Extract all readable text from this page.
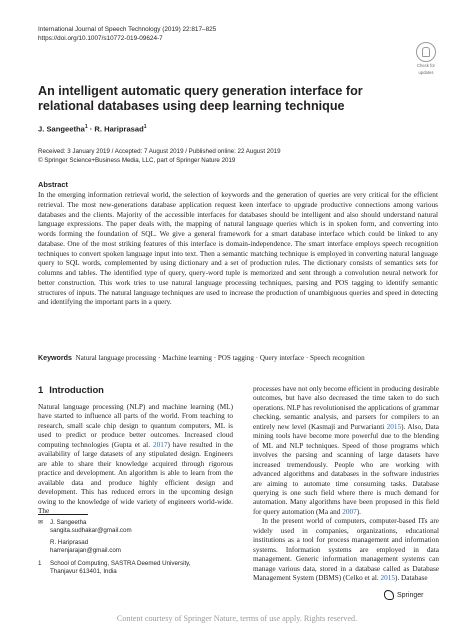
International Journal of Speech Technology (2019) 22:817–825
https://doi.org/10.1007/s10772-019-09624-7
Check for
updates
An intelligent automatic query generation interface for relational databases using deep learning technique
J. Sangeetha$^1$ · R. Hariprasad$^1$
Received: 3 January 2019 / Accepted: 7 August 2019 / Published online: 22 August 2019
© Springer Science+Business Media, LLC, part of Springer Nature 2019
Abstract
In the emerging information retrieval world, the selection of keywords and the generation of queries are very critical for the efficient retrieval. The most new-generations database application request keen interface to upgrade productive connections among various databases and the clients. Majority of the accessible interfaces for databases should be intelligent and also should understand natural language expressions. The paper deals with, the mapping of natural language queries which is in spoken form, and converting into words forming the foundation of SQL. We give a general framework for a smart database interface which could be linked to any database. One of the most striking features of this interface is domain-independence. The smart interface employs speech recognition techniques to convert spoken language input into text. Then a semantic matching technique is employed in converting natural language query to SQL words, complemented by using dictionary and a set of production rules. The dictionary consists of semantics sets for columns and tables. The identified type of query, query-word tuple is memorized and sent through a convolution neural network for better construction. This work tries to use natural language processing techniques, parsing and POS tagging to identify semantic structures of inputs. The natural language techniques are used to increase the production of unambiguous queries and speed in detecting and identifying the important parts in a query.
Keywords Natural language processing · Machine learning · POS tagging · Query interface · Speech recognition
1 Introduction
Natural language processing (NLP) and machine learning (ML) have started to influence all parts of the world. From teaching to research, small scale chip design to quantum computers, ML is used to predict or produce better outcomes. Increased cloud computing technologies (Gupta et al. 2017) have resulted in the availability of large datasets of any stipulated design. Engineers are able to share their knowledge acquired through rigorous practice and development. An algorithm is able to learn from the available data and produce highly efficient design and development. This has reduced errors in the upcoming design owing to the knowledge of wide variety of engineers world-wide. The

processes have not only become efficient in producing desirable outcomes, but have also decreased the time taken to do such operations. NLP has revolutionised the applications of grammar checking, semantic analysis, and parsers for compilers to an entirely new level (Kasmaji and Purwarianti 2015). Also, Data mining tools have become more powerful due to the blending of ML and NLP techniques. Speed of those programs which involves the parsing and scanning of large datasets have increased tremendously. People who are working with advanced algorithms and databases in the software industries are aiming to automate time consuming tasks. Database querying is one such field where there is much demand for automation. Many algorithms have been proposed in this field for query automation (Ma and 2007).

In the present world of computers, computer-based ITs are widely used in companies, organizations, educational institutions as a tool for process management and information systems. Information systems are employed in data management. Generic information management systems can manage various data, stored in a database called as Database Management System (DBMS) (Celko et al. 2015). Database

✉	J. Sangeetha
sangita.sudhakar@gmail.com
R. Hariprasad
harrenjarajan@gmail.com
1	School of Computing, SASTRA Deemed University,
Thanjavur 613401, India
Springer
Content courtesy of Springer Nature, terms of use apply. Rights reserved.
